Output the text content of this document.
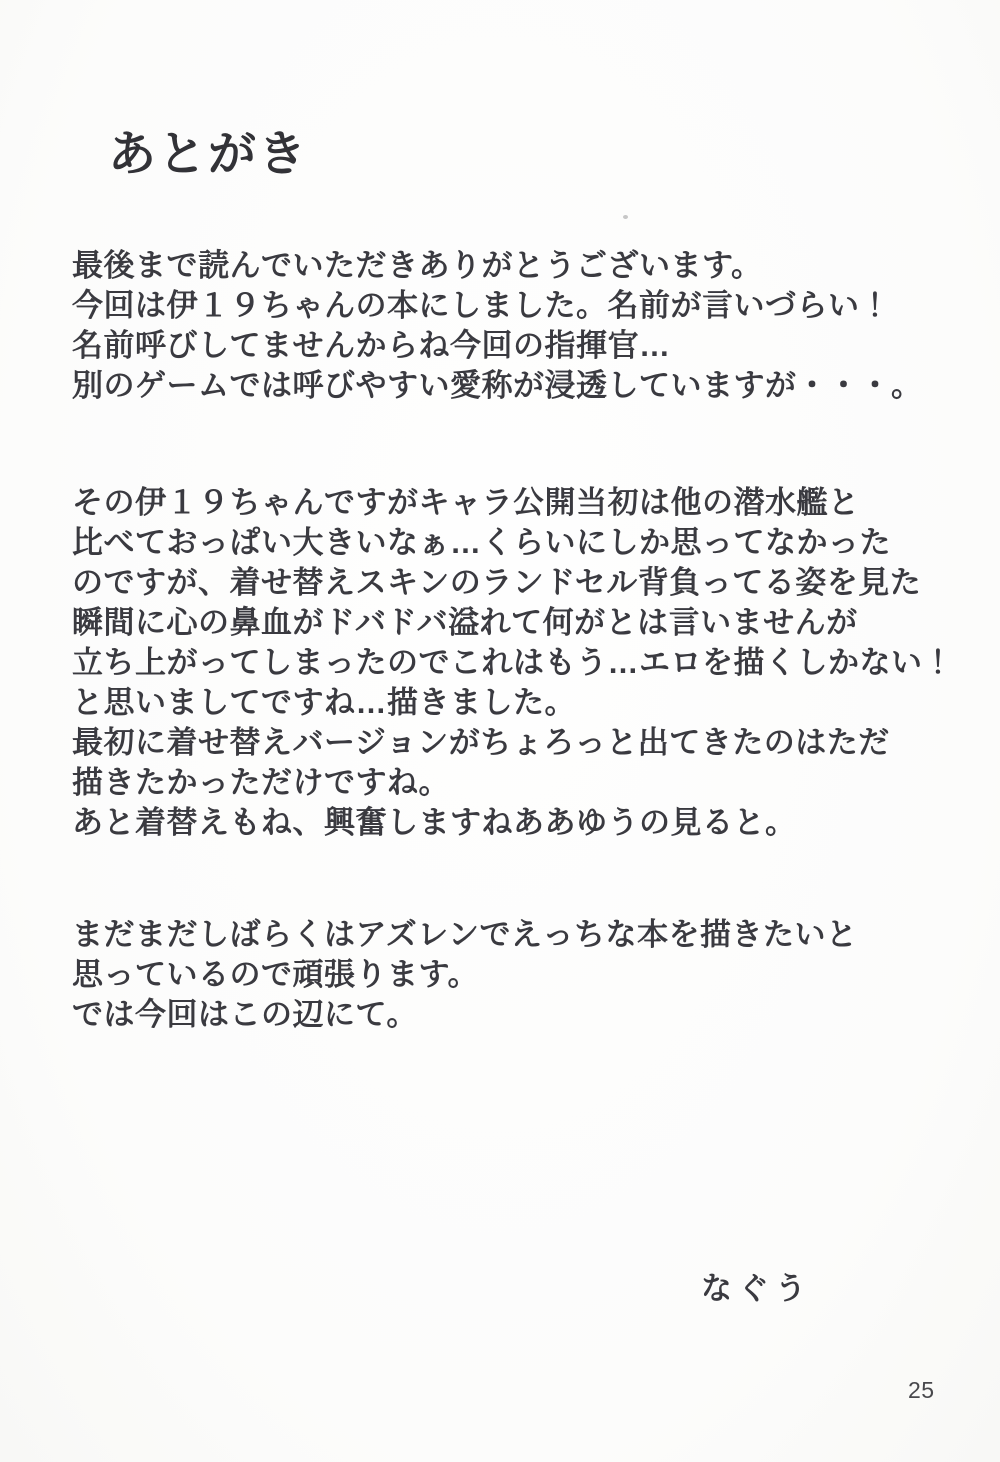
あとがき
最後まで読んでいただきありがとうございます。
今回は伊１９ちゃんの本にしました。名前が言いづらい！
名前呼びしてませんからね今回の指揮官…
別のゲームでは呼びやすい愛称が浸透していますが・・・。
その伊１９ちゃんですがキャラ公開当初は他の潜水艦と
比べておっぱい大きいなぁ…くらいにしか思ってなかった
のですが、着せ替えスキンのランドセル背負ってる姿を見た
瞬間に心の鼻血がドバドバ溢れて何がとは言いませんが
立ち上がってしまったのでこれはもう…エロを描くしかない！
と思いましてですね…描きました。
最初に着せ替えバージョンがちょろっと出てきたのはただ
描きたかっただけですね。
あと着替えもね、興奮しますねああゆうの見ると。
まだまだしばらくはアズレンでえっちな本を描きたいと
思っているので頑張ります。
では今回はこの辺にて。
なぐう
25
